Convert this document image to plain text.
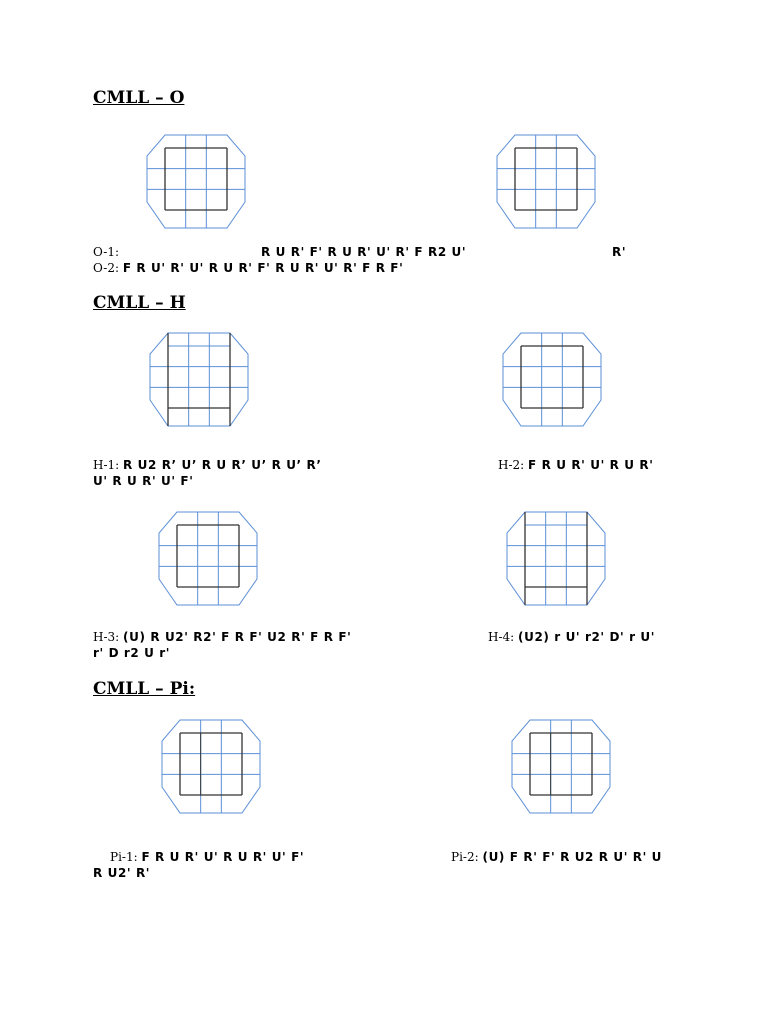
CMLL – O
O-1:	R U R' F' R U R' U' R' F R2 U'	R'
O-2: F R U' R' U' R U R' F' R U R' U' R' F R F'
CMLL – H
H-1: R U2 R’ U’ R U R’ U’ R U’ R’	H-2: F R U R' U' R U R'
U' R U R' U' F'
H-3: (U) R U2' R2' F R F' U2 R' F R F'	H-4: (U2) r U' r2' D' r U'
r' D r2 U r'
CMLL – Pi:
Pi-1: F R U R' U' R U R' U' F'	Pi-2: (U) F R' F' R U2 R U' R' U
R U2' R'
